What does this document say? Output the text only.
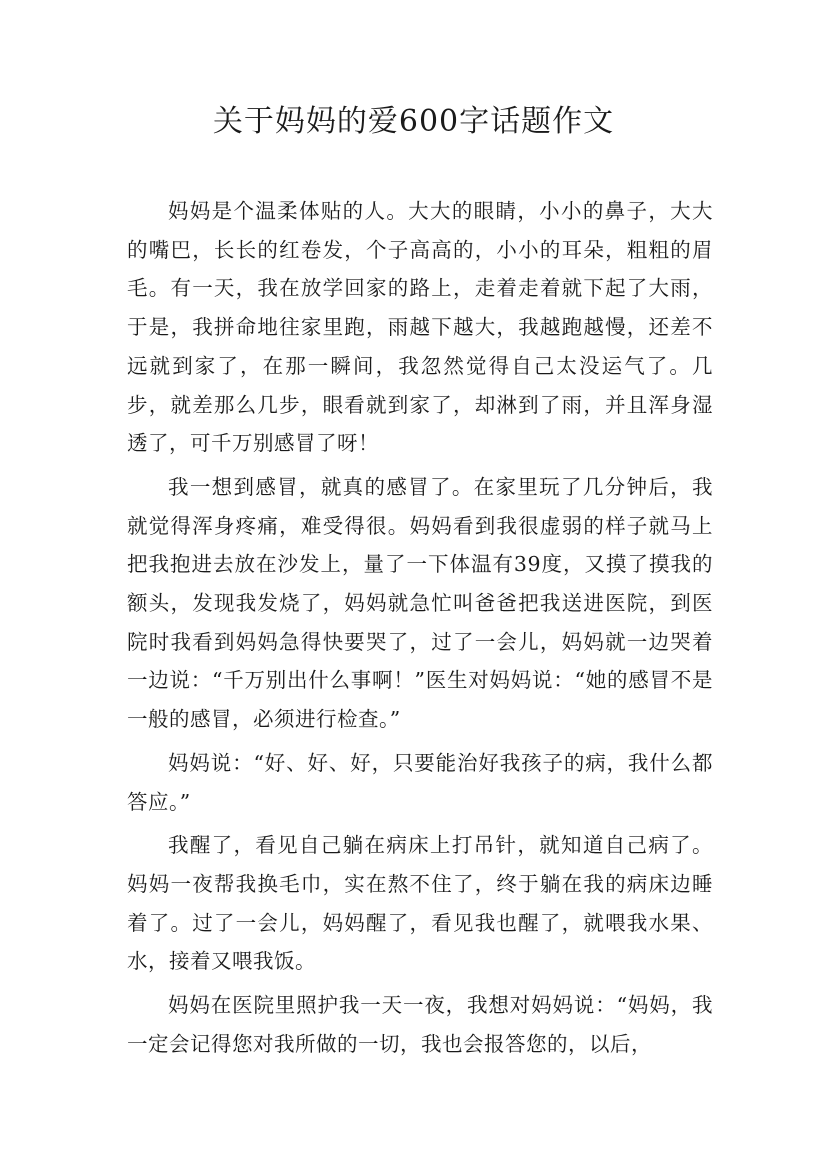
关于妈妈的爱600字话题作文

妈妈是个温柔体贴的人。大大的眼睛，小小的鼻子，大大的嘴巴，长长的红卷发，个子高高的，小小的耳朵，粗粗的眉毛。有一天，我在放学回家的路上，走着走着就下起了大雨，于是，我拼命地往家里跑，雨越下越大，我越跑越慢，还差不远就到家了，在那一瞬间，我忽然觉得自己太没运气了。几步，就差那么几步，眼看就到家了，却淋到了雨，并且浑身湿透了，可千万别感冒了呀！

我一想到感冒，就真的感冒了。在家里玩了几分钟后，我就觉得浑身疼痛，难受得很。妈妈看到我很虚弱的样子就马上把我抱进去放在沙发上，量了一下体温有39度，又摸了摸我的额头，发现我发烧了，妈妈就急忙叫爸爸把我送进医院，到医院时我看到妈妈急得快要哭了，过了一会儿，妈妈就一边哭着一边说：“千万别出什么事啊！”医生对妈妈说：“她的感冒不是一般的感冒，必须进行检查。”

妈妈说：“好、好、好，只要能治好我孩子的病，我什么都答应。”

我醒了，看见自己躺在病床上打吊针，就知道自己病了。妈妈一夜帮我换毛巾，实在熬不住了，终于躺在我的病床边睡着了。过了一会儿，妈妈醒了，看见我也醒了，就喂我水果、水，接着又喂我饭。

妈妈在医院里照护我一天一夜，我想对妈妈说：“妈妈，我一定会记得您对我所做的一切，我也会报答您的，以后，
